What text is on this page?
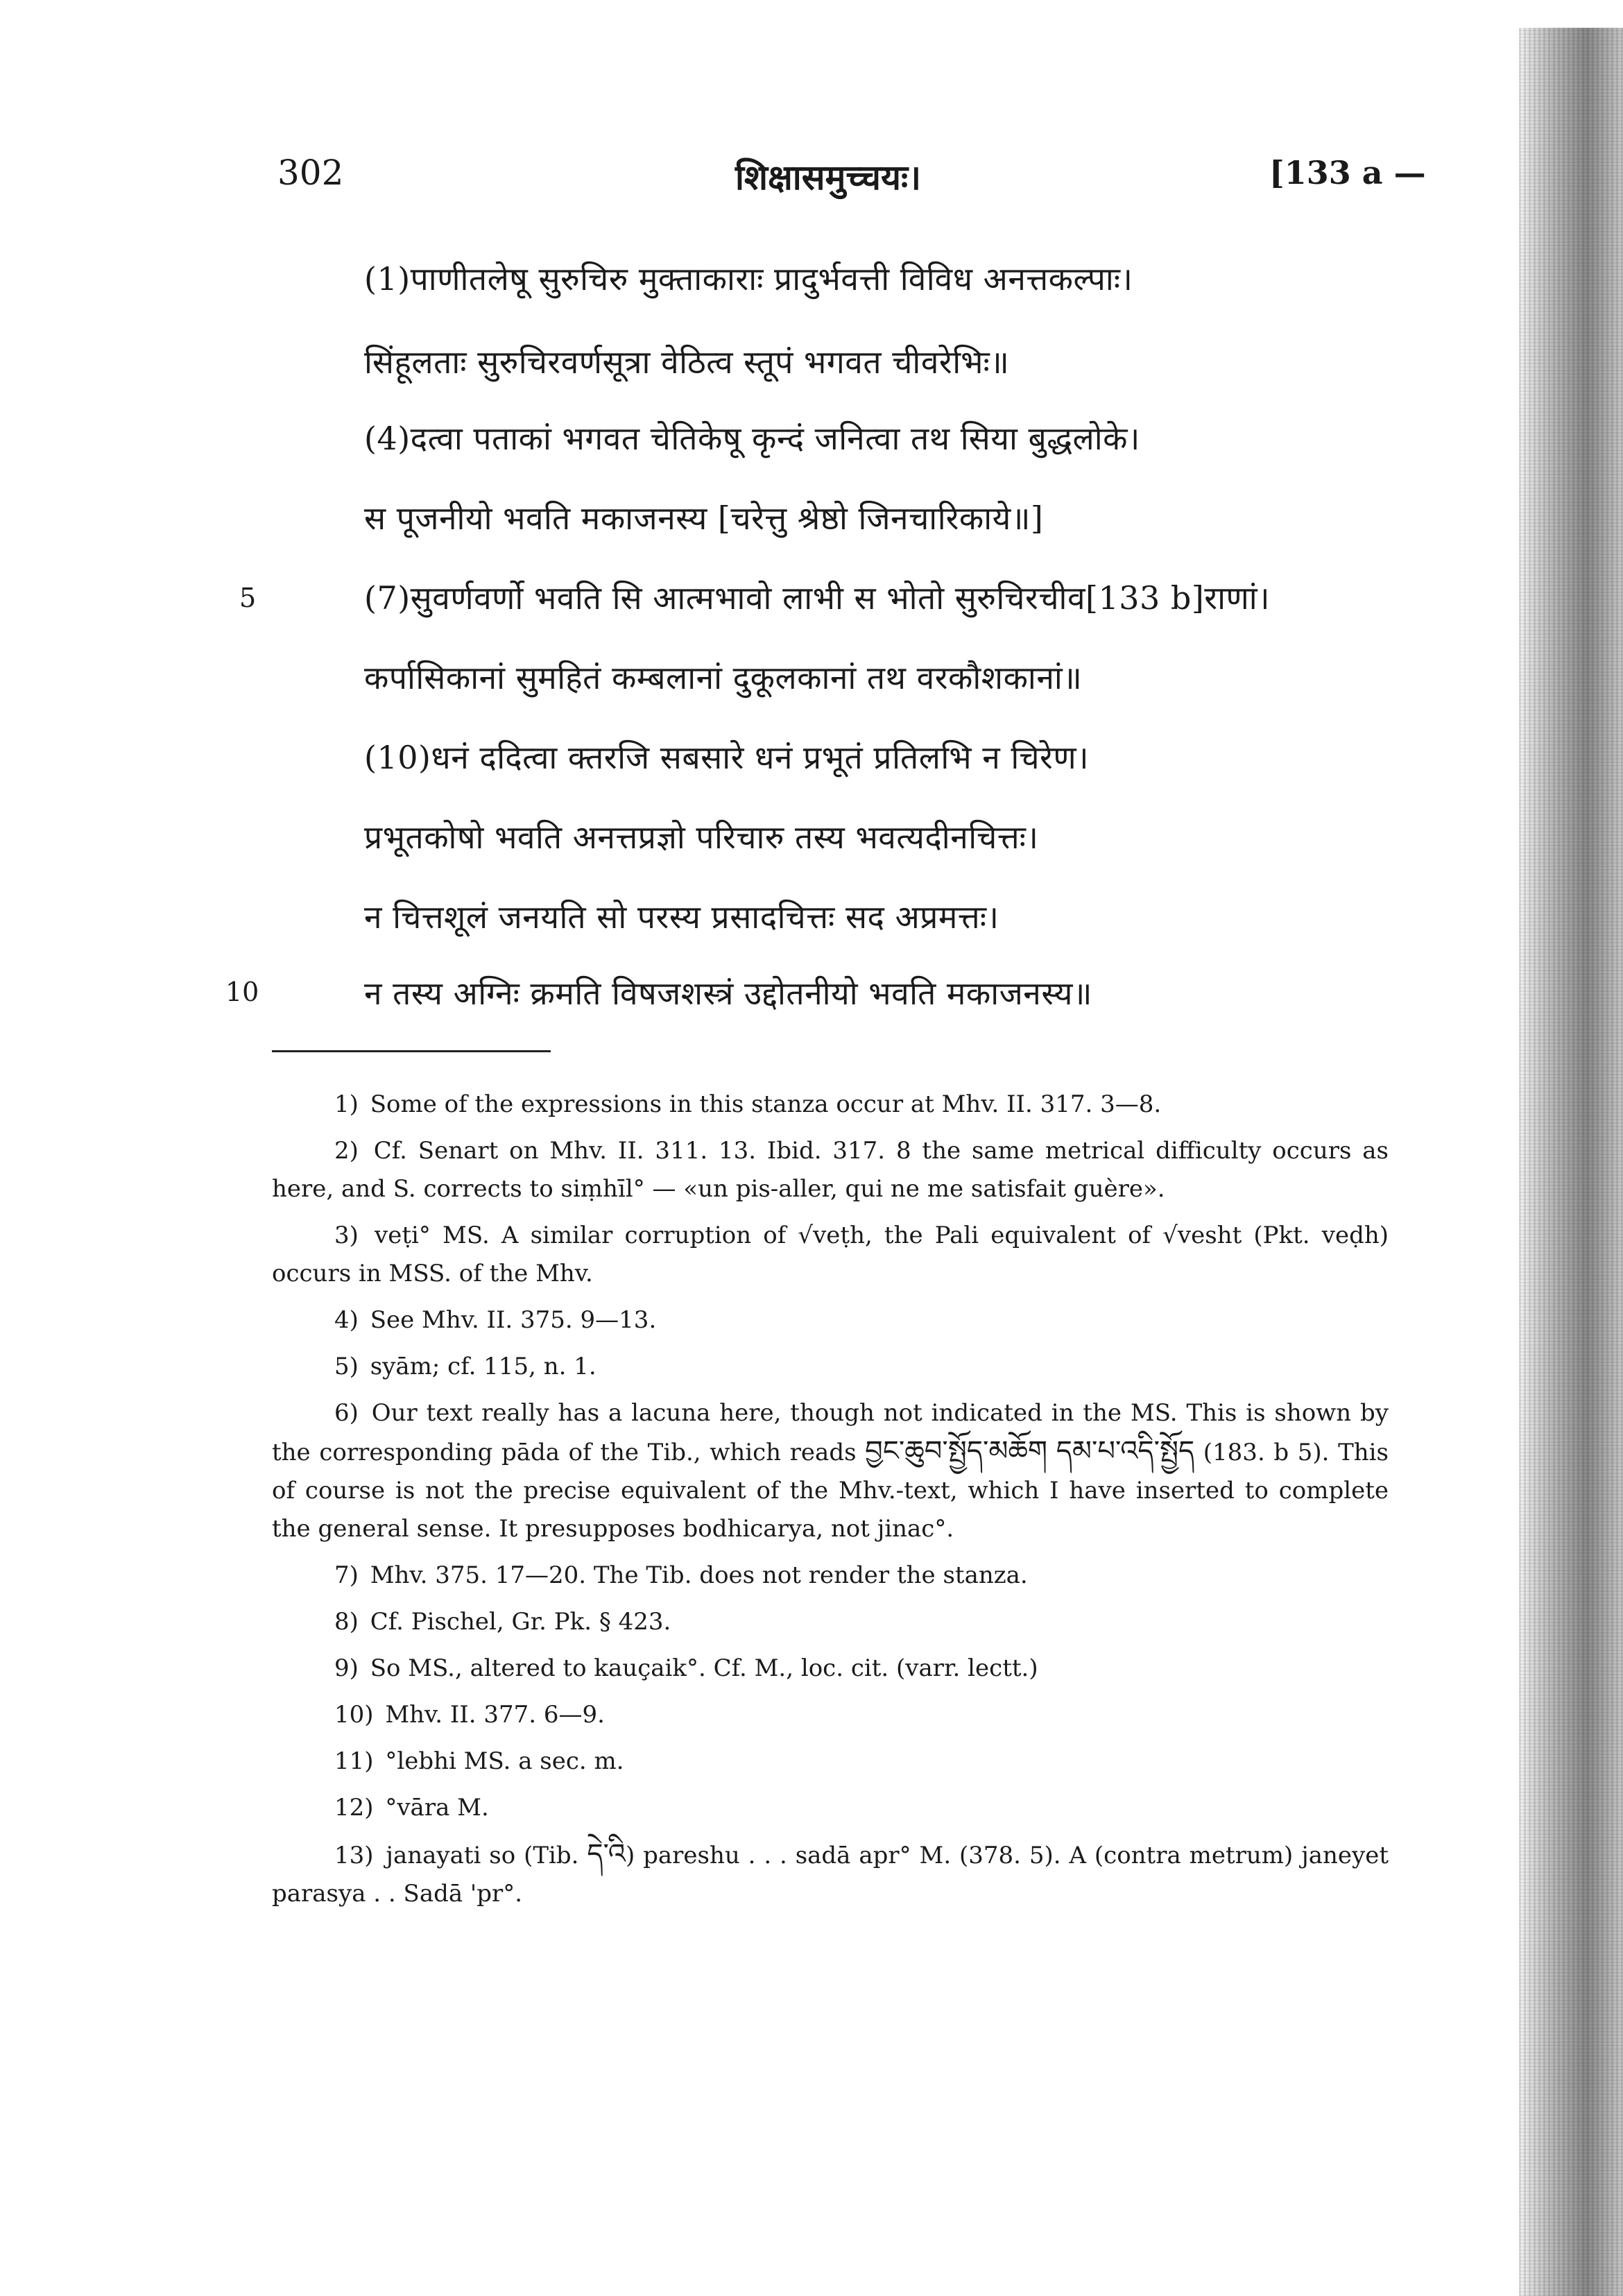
302	शिक्षासमुच्चयः।	[133 a —
(1)पाणीतलेषू सुरुचिरु मुक्ताकाराः प्रादुर्भवत्ती विविध अनत्तकल्पाः।
सिंहूलताः सुरुचिरवर्णसूत्रा वेठित्व स्तूपं भगवत चीवरेभिः॥
(4)दत्वा पताकां भगवत चेतिकेषू कृन्दं जनित्वा तथ सिया बुद्धलोके।
स पूजनीयो भवति मकाजनस्य [चरेत्तु श्रेष्ठो जिनचारिकाये॥]
(7)सुवर्णवर्णो भवति सि आत्मभावो लाभी स भोतो सुरुचिरचीव[133 b]राणां।
कर्पासिकानां सुमहितं कम्बलानां दुकूलकानां तथ वरकौशकानां॥
(10)धनं ददित्वा क्तरजि सबसारे धनं प्रभूतं प्रतिलभि न चिरेण।
प्रभूतकोषो भवति अनत्तप्रज्ञो परिचारु तस्य भवत्यदीनचित्तः।
न चित्तशूलं जनयति सो परस्य प्रसादचित्तः सद अप्रमत्तः।
न तस्य अग्निः क्रमति विषजशस्त्रं उद्दोतनीयो भवति मकाजनस्य॥
5
10

1) Some of the expressions in this stanza occur at Mhv. II. 317. 3—8.

2) Cf. Senart on Mhv. II. 311. 13. Ibid. 317. 8 the same metrical difficulty occurs as here, and S. corrects to siṃhīl° — «un pis-aller, qui ne me satisfait guère».

3) veṭi° MS. A similar corruption of √veṭh, the Pali equivalent of √vesht (Pkt. veḍh) occurs in MSS. of the Mhv.

4) See Mhv. II. 375. 9—13.

5) syām; cf. 115, n. 1.

6) Our text really has a lacuna here, though not indicated in the MS. This is shown by the corresponding pāda of the Tib., which reads བྱང་ཆུབ་སྤྱོད་མཆོག དམ་པ་འདི་སྤྱོད (183. b 5). This of course is not the precise equivalent of the Mhv.-text, which I have inserted to complete the general sense. It presupposes bodhicarya, not jinac°.

7) Mhv. 375. 17—20. The Tib. does not render the stanza.

8) Cf. Pischel, Gr. Pk. § 423.

9) So MS., altered to kauçaik°. Cf. M., loc. cit. (varr. lectt.)

10) Mhv. II. 377. 6—9.

11) °lebhi MS. a sec. m.

12) °vāra M.

13) janayati so (Tib. དེ་འི) pareshu . . . sadā apr° M. (378. 5). A (contra metrum) janeyet parasya . . Sadā 'pr°.
